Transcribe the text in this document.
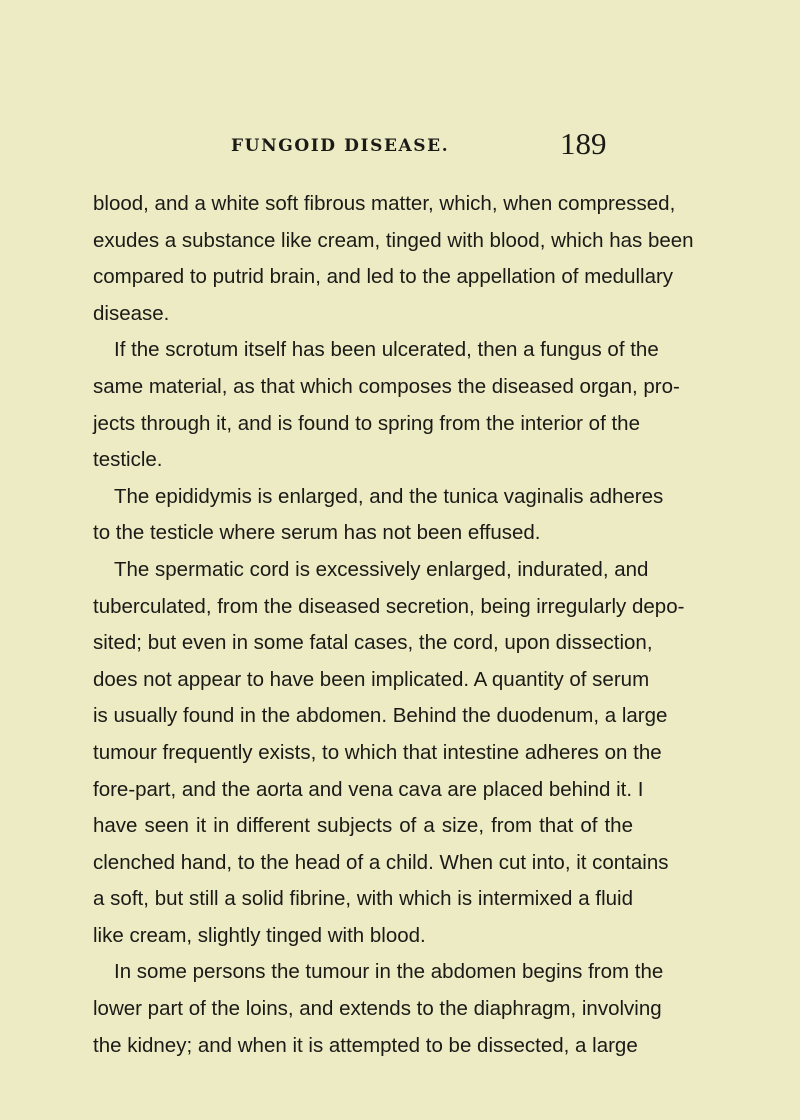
FUNGOID DISEASE.	189
blood, and a white soft fibrous matter, which, when compressed,
exudes a substance like cream, tinged with blood, which has been
compared to putrid brain, and led to the appellation of medullary
disease.
If the scrotum itself has been ulcerated, then a fungus of the
same material, as that which composes the diseased organ, pro-
jects through it, and is found to spring from the interior of the
testicle.
The epididymis is enlarged, and the tunica vaginalis adheres
to the testicle where serum has not been effused.
The spermatic cord is excessively enlarged, indurated, and
tuberculated, from the diseased secretion, being irregularly depo-
sited; but even in some fatal cases, the cord, upon dissection,
does not appear to have been implicated. A quantity of serum
is usually found in the abdomen. Behind the duodenum, a large
tumour frequently exists, to which that intestine adheres on the
fore-part, and the aorta and vena cava are placed behind it. I
have seen it in different subjects of a size, from that of the
clenched hand, to the head of a child. When cut into, it contains
a soft, but still a solid fibrine, with which is intermixed a fluid
like cream, slightly tinged with blood.
In some persons the tumour in the abdomen begins from the
lower part of the loins, and extends to the diaphragm, involving
the kidney; and when it is attempted to be dissected, a large
